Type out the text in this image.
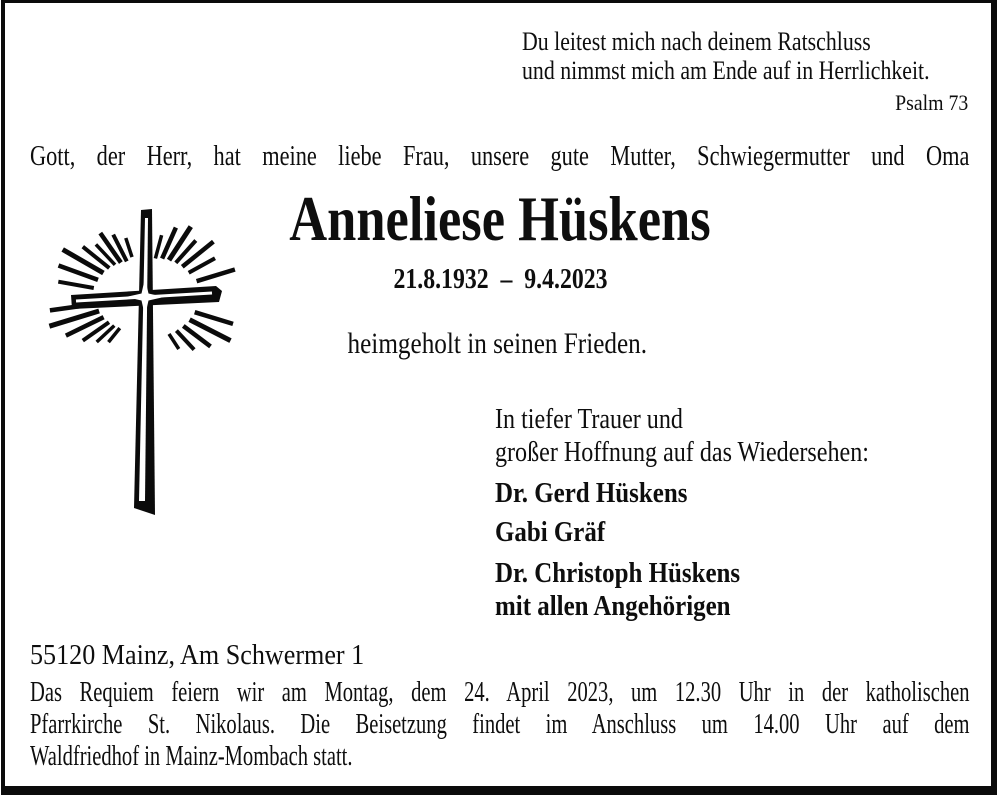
Du leitest mich nach deinem Ratschluss
und nimmst mich am Ende auf in Herrlichkeit.
Psalm 73
Gott, der Herr, hat meine liebe Frau, unsere gute Mutter, Schwiegermutter und Oma
Anneliese Hüskens
21.8.1932  –  9.4.2023
heimgeholt in seinen Frieden.
In tiefer Trauer und
großer Hoffnung auf das Wiedersehen:
Dr. Gerd Hüskens
Gabi Gräf
Dr. Christoph Hüskens
mit allen Angehörigen
55120 Mainz, Am Schwermer 1
Das Requiem feiern wir am Montag, dem 24. April 2023, um 12.30 Uhr in der katholischen
Pfarrkirche St. Nikolaus. Die Beisetzung findet im Anschluss um 14.00 Uhr auf dem
Waldfriedhof in Mainz-Mombach statt.
